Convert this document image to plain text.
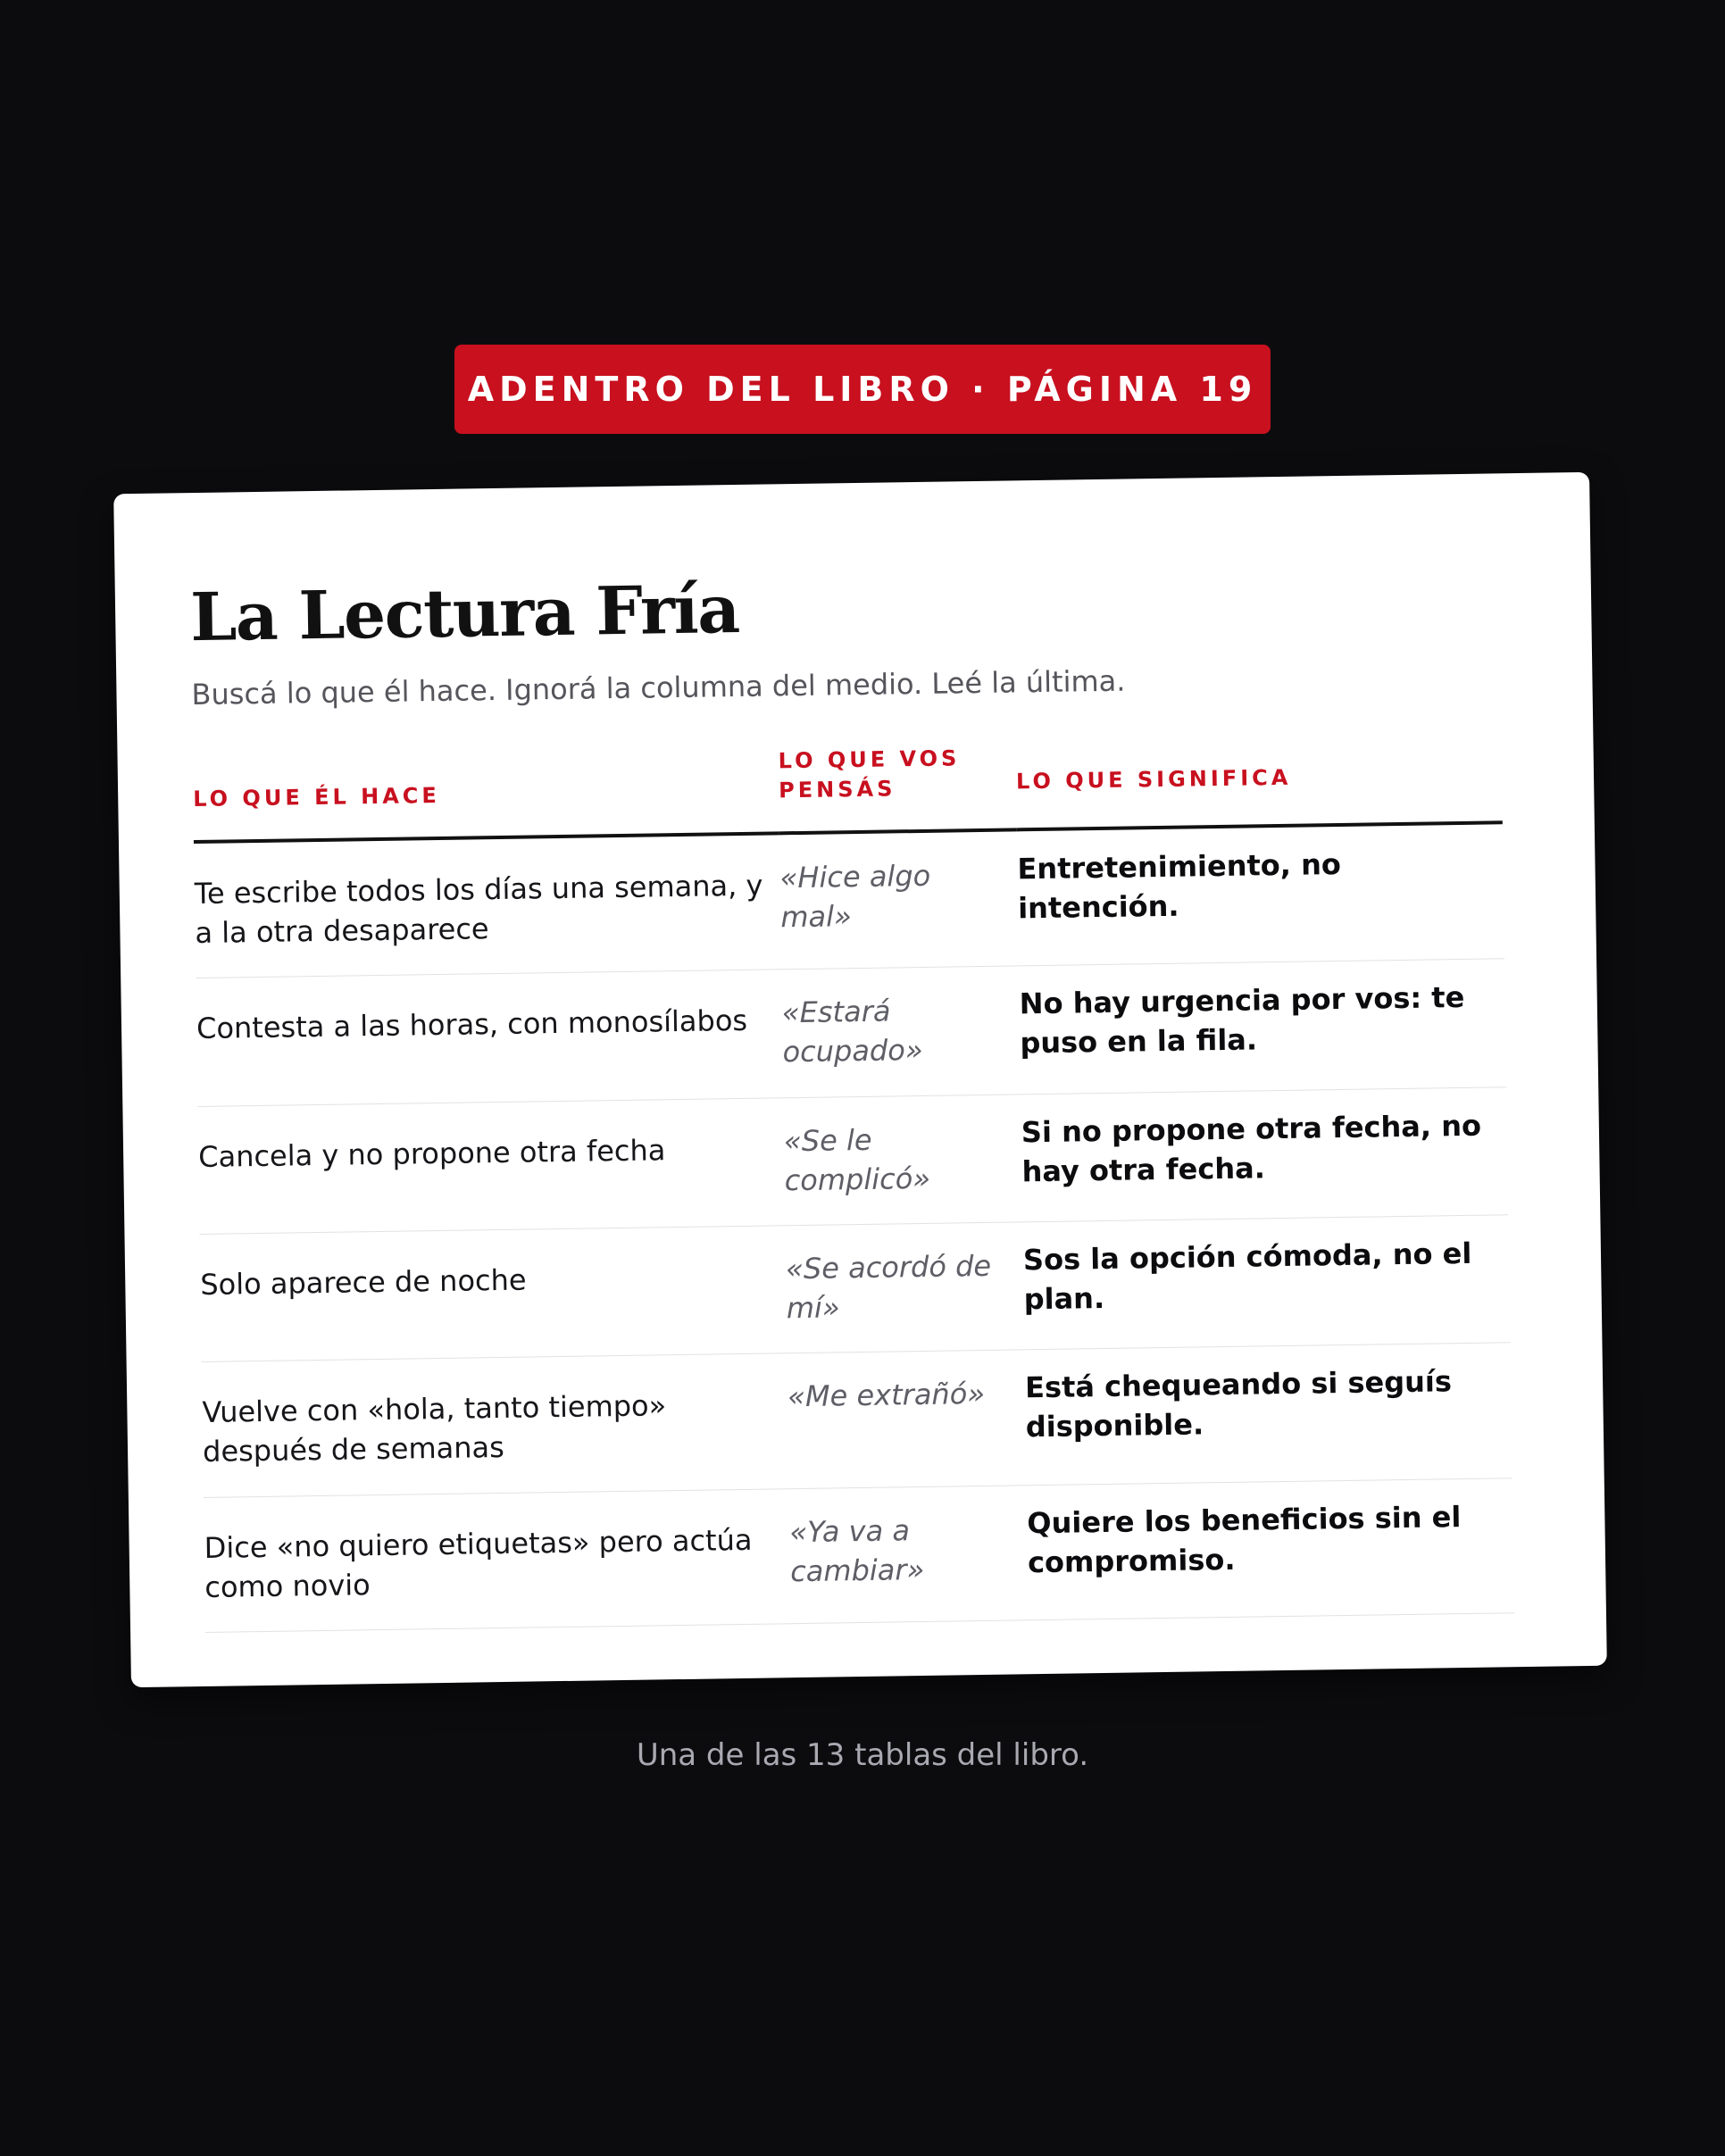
ADENTRO DEL LIBRO · PÁGINA 19
La Lectura Fría
Buscá lo que él hace. Ignorá la columna del medio. Leé la última.
LO QUE ÉL HACE	LO QUE VOS PENSÁS	LO QUE SIGNIFICA
Te escribe todos los días una semana, y a la otra desaparece	«Hice algo mal»	Entretenimiento, no intención.
Contesta a las horas, con monosílabos	«Estará ocupado»	No hay urgencia por vos: te puso en la fila.
Cancela y no propone otra fecha	«Se le complicó»	Si no propone otra fecha, no hay otra fecha.
Solo aparece de noche	«Se acordó de mí»	Sos la opción cómoda, no el plan.
Vuelve con «hola, tanto tiempo» después de semanas	«Me extrañó»	Está chequeando si seguís disponible.
Dice «no quiero etiquetas» pero actúa como novio	«Ya va a cambiar»	Quiere los beneficios sin el compromiso.
Una de las 13 tablas del libro.
